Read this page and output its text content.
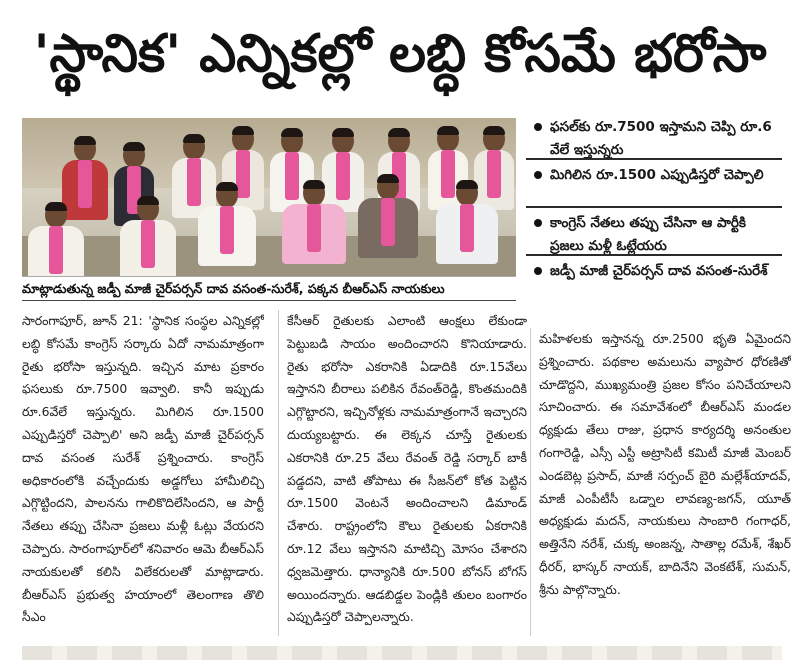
'స్థానిక' ఎన్నికల్లో లబ్ధి కోసమే భరోసా
మాట్లాడుతున్న జడ్పీ మాజీ చైర్‌పర్సన్ దావ వసంత-సురేశ్, పక్కన బీఆర్ఎస్ నాయకులు
ఫసల్‌కు రూ.7500 ఇస్తామని చెప్పి రూ.6 వేలే ఇస్తున్నరు
మిగిలిన రూ.1500 ఎప్పుడిస్తరో చెప్పాలి
కాంగ్రెస్ నేతలు తప్పు చేసినా ఆ పార్టీకి ప్రజలు మళ్లీ ఓట్లేయరు
జడ్పీ మాజీ చైర్‌పర్సన్ దావ వసంత-సురేశ్

సారంగాపూర్, జూన్ 21: 'స్థానిక సంస్థల ఎన్నికల్లో లబ్ధి కోసమే కాంగ్రెస్ సర్కారు ఏదో నామమాత్రంగా రైతు భరోసా ఇస్తున్నది. ఇచ్చిన మాట ప్రకారం ఫసలుకు రూ.7500 ఇవ్వాలి. కానీ ఇప్పుడు రూ.6వేలే ఇస్తున్నరు. మిగిలిన రూ.1500 ఎప్పుడిస్తరో చెప్పాలి' అని జడ్పీ మాజీ చైర్‌పర్సన్ దావ వసంత సురేశ్ ప్రశ్నించారు. కాంగ్రెస్ అధికారంలోకి వచ్చేందుకు అడ్డగోలు హామీలిచ్చి ఎగ్గొట్టిందని, పాలనను గాలికొదిలేసిందని, ఆ పార్టీ నేతలు తప్పు చేసినా ప్రజలు మళ్లీ ఓట్లు వేయరని చెప్పారు. సారంగాపూర్‌లో శనివారం ఆమె బీఆర్ఎస్ నాయకులతో కలిసి విలేకరులతో మాట్లాడారు. బీఆర్ఎస్ ప్రభుత్వ హయాంలో తెలంగాణ తొలి సీఎం

కేసీఆర్ రైతులకు ఎలాంటి ఆంక్షలు లేకుండా పెట్టుబడి సాయం అందించారని కొనియాడారు. రైతు భరోసా ఎకరానికి ఏడాదికి రూ.15వేలు ఇస్తానని బీరాలు పలికిన రేవంత్‌రెడ్డి, కొంతమందికి ఎగ్గొట్టారని, ఇచ్చినోళ్లకు నామమాత్రంగానే ఇచ్చారని దుయ్యబట్టారు. ఈ లెక్కన చూస్తే రైతులకు ఎకరానికి రూ.25 వేలు రేవంత్ రెడ్డి సర్కార్ బాకీ పడ్డదని, వాటి తోపాటు ఈ సీజన్‌లో కోత పెట్టిన రూ.1500 వెంటనే అందించాలని డిమాండ్ చేశారు. రాష్ట్రంలోని కౌలు రైతులకు ఏకరానికి రూ.12 వేలు ఇస్తానని మాటిచ్చి మోసం చేశారని ధ్వజమెత్తారు. ధాన్యానికి రూ.500 బోనస్ బోగస్ అయిందన్నారు. ఆడబిడ్డల పెండ్లికి తులం బంగారం ఎప్పుడిస్తరో చెప్పాలన్నారు.

మహిళలకు ఇస్తానన్న రూ.2500 భృతి ఏమైందని ప్రశ్నించారు. పథకాల అమలును వ్యాపార ధోరణితో చూడొద్దని, ముఖ్యమంత్రి ప్రజల కోసం పనిచేయాలని సూచించారు. ఈ సమావేశంలో బీఆర్ఎస్ మండల ధ్యక్షుడు తేలు రాజు, ప్రధాన కార్యదర్శి అనంతుల గంగారెడ్డి, ఎస్సీ ఎస్టీ అట్రాసిటీ కమిటీ మాజీ మెంబర్ ఎండబెట్ల ప్రసాద్, మాజీ సర్పంచ్ బైరి మల్లేశ్‌యాదవ్, మాజీ ఎంపీటీసీ ఒడ్నాల లావణ్య-జగన్, యూత్ అధ్యక్షుడు మదన్, నాయకులు సాంబారి గంగాధర్, అత్తినేని నరేశ్, చుక్క అంజన్న, సాతాల్ల రమేశ్, శేఖర్ ధీరర్, భాస్కర్ నాయక్, బాదినేని వెంకటేశ్, సుమన్, శ్రీను పాల్గొన్నారు.
